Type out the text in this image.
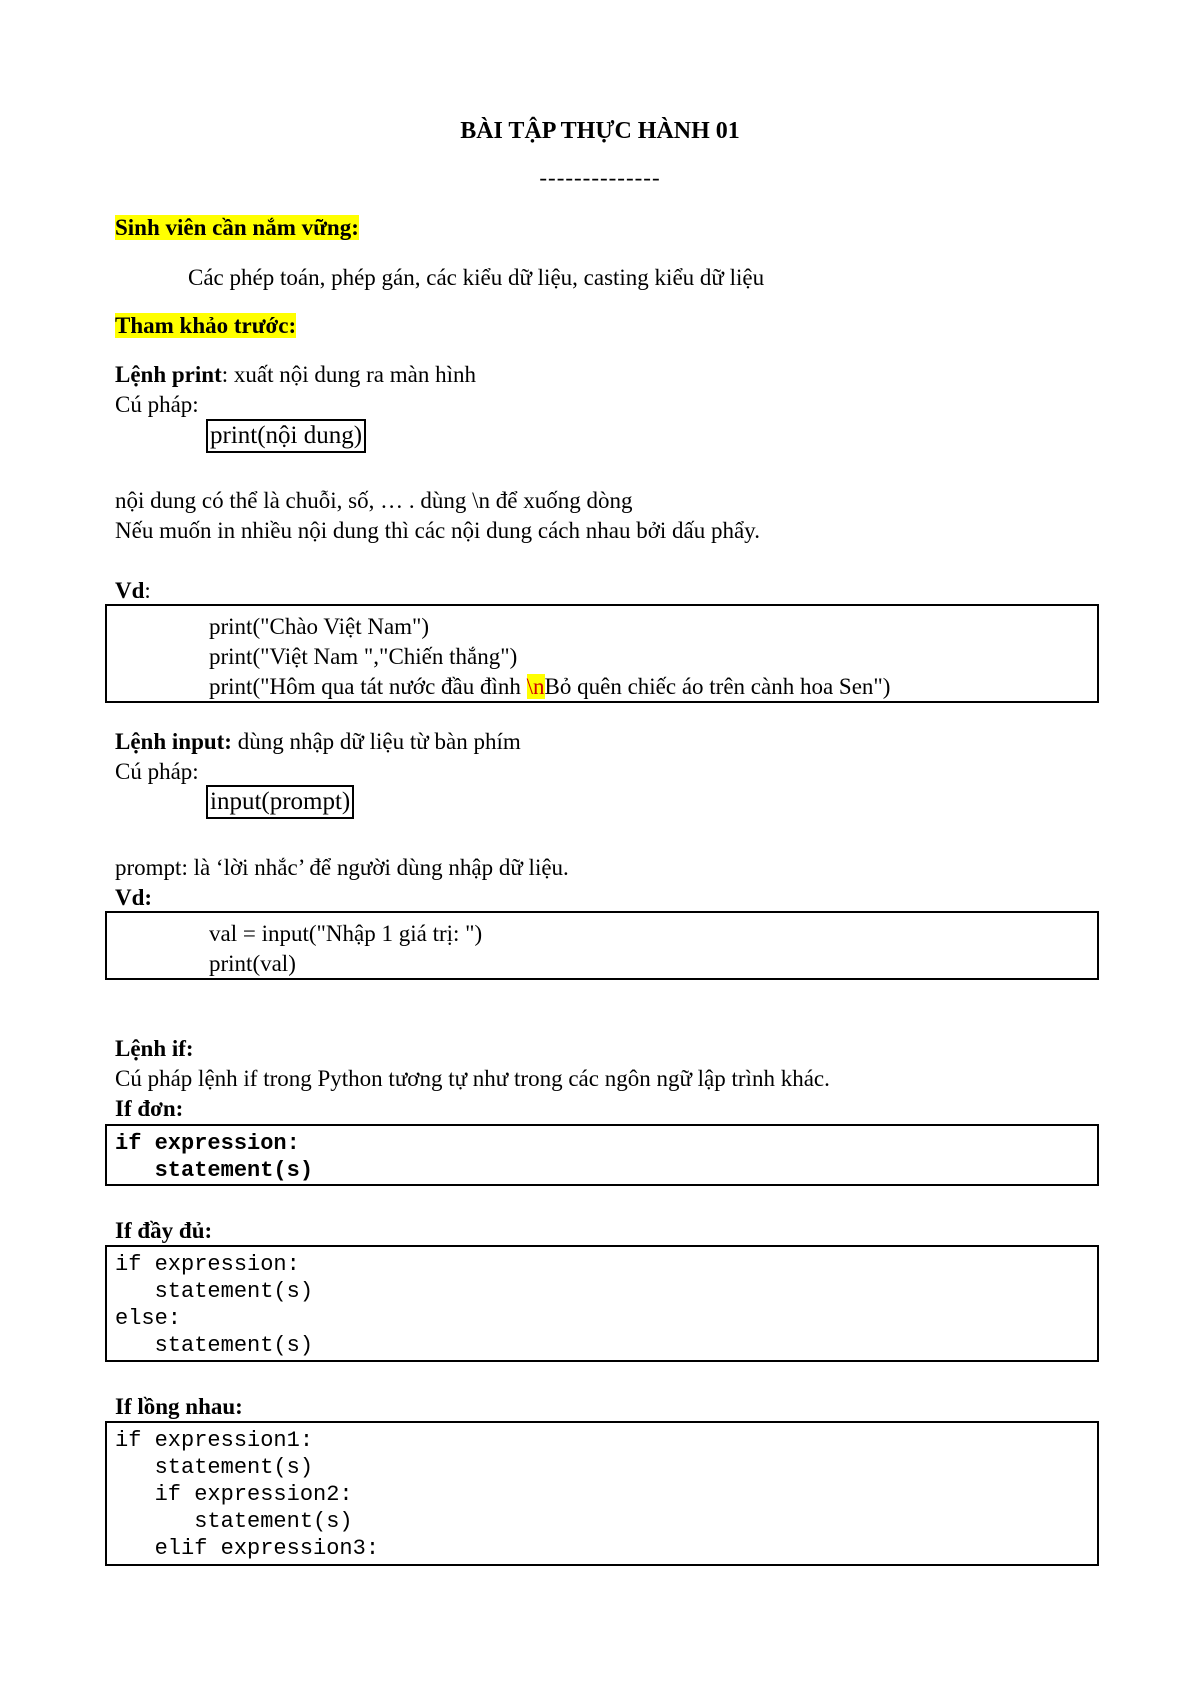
BÀI TẬP THỰC HÀNH 01
--------------
Sinh viên cần nắm vững:
Các phép toán, phép gán, các kiểu dữ liệu, casting kiểu dữ liệu
Tham khảo trước:
Lệnh print: xuất nội dung ra màn hình
Cú pháp:
print(nội dung)
nội dung có thể là chuỗi, số, … . dùng \n để xuống dòng
Nếu muốn in nhiều nội dung thì các nội dung cách nhau bởi dấu phẩy.
Vd:
print("Chào Việt Nam")
print("Việt Nam ","Chiến thắng")
print("Hôm qua tát nước đầu đình \nBỏ quên chiếc áo trên cành hoa Sen")
Lệnh input: dùng nhập dữ liệu từ bàn phím
Cú pháp:
input(prompt)
prompt: là ‘lời nhắc’ để người dùng nhập dữ liệu.
Vd:
val = input("Nhập 1 giá trị: ")
print(val)
Lệnh if:
Cú pháp lệnh if trong Python tương tự như trong các ngôn ngữ lập trình khác.
If đơn:
if expression:
statement(s)
If đầy đủ:
if expression:
statement(s)
else:
statement(s)
If lồng nhau:
if expression1:
statement(s)
if expression2:
statement(s)
elif expression3:
